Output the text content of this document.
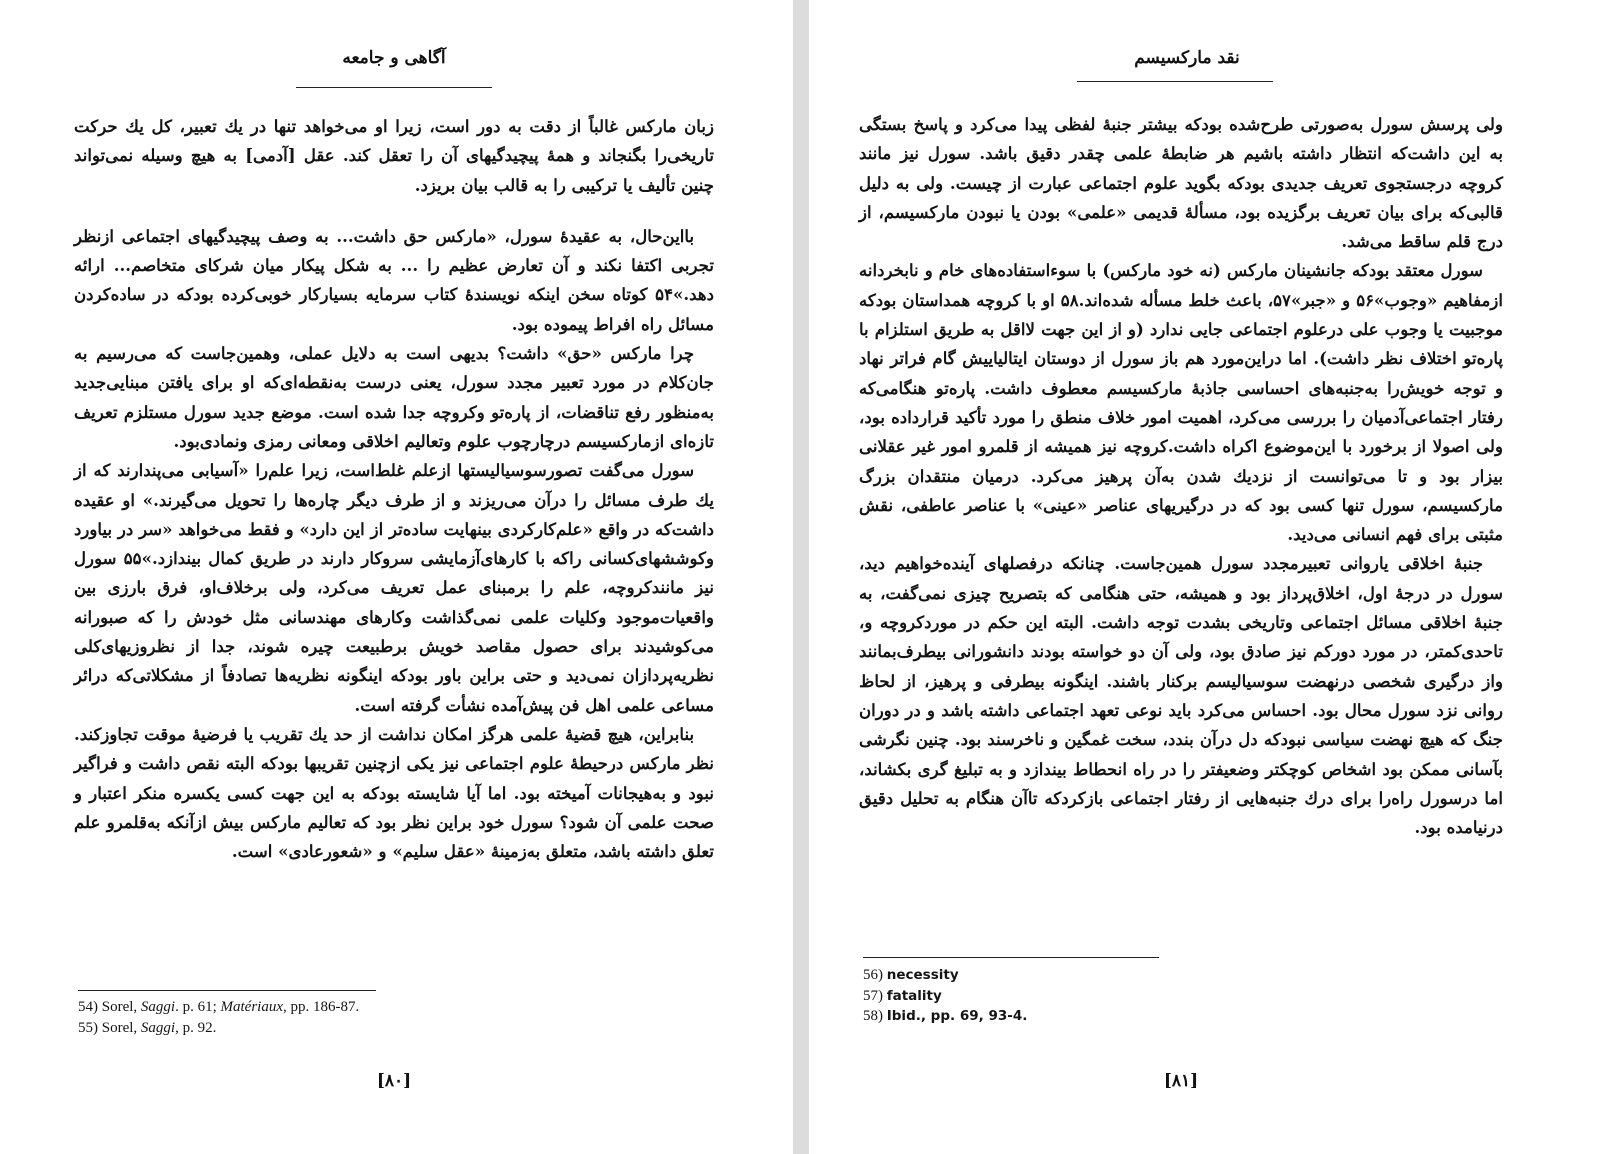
آگاهی و جامعه

زبان مارکس غالباً از دقت به دور است، زیرا او می‌خواهد تنها در یك تعبیر، کل یك حرکت تاریخی‌را بگنجاند و همهٔ پیچیدگیهای آن را تعقل کند. عقل [آدمی] به هیچ وسیله نمی‌تواند چنین تألیف یا ترکیبی را به قالب بیان بریزد.

بااین‌حال، به عقیدهٔ سورل، «مارکس حق داشت... به وصف پیچیدگیهای اجتماعی ازنظر تجربی اکتفا نکند و آن تعارض عظیم را ... به شکل پیکار میان شرکای متخاصم... ارائه دهد.»۵۴ کوتاه سخن اینکه نویسندهٔ کتاب سرمایه بسیارکار خوبی‌کرده بودکه در ساده‌کردن مسائل راه افراط پیموده بود.

چرا مارکس «حق» داشت؟ بدیهی است به دلایل عملی، وهمین‌جاست که می‌رسیم به جان‌کلام در مورد تعبیر مجدد سورل، یعنی درست به‌نقطه‌ای‌که او برای یافتن مبنایی‌جدید به‌منظور رفع تناقضات، از پاره‌تو وکروچه جدا شده است. موضع جدید سورل مستلزم تعریف تازه‌ای ازمارکسیسم درچارچوب علوم وتعالیم اخلاقی ومعانی رمزی ونمادی‌بود.

سورل می‌گفت تصورسوسیالیستها ازعلم غلط‌است، زیرا علم‌را «آسیابی می‌پندارند که از یك طرف مسائل را درآن می‌ریزند و از طرف دیگر چاره‌ها را تحویل می‌گیرند.» او عقیده داشت‌که در واقع «علم‌کارکردی بینهایت ساده‌تر از این دارد» و فقط می‌خواهد «سر در بیاورد وکوششهای‌کسانی راکه با کارهای‌آزمایشی سروکار دارند در طریق کمال بیندازد.»۵۵ سورل نیز مانندکروچه، علم را برمبنای عمل تعریف می‌کرد، ولی برخلاف‌او، فرق بارزی بین واقعیات‌موجود وکلیات علمی نمی‌گذاشت وکارهای مهندسانی مثل خودش را که صبورانه می‌کوشیدند برای حصول مقاصد خویش برطبیعت چیره شوند، جدا از نظروزیهای‌کلی نظریه‌پردازان نمی‌دید و حتی براین باور بودکه اینگونه نظریه‌ها تصادفاً از مشکلاتی‌که درائر مساعی علمی اهل فن پیش‌آمده نشأت گرفته است.

بنابراین، هیچ قضیهٔ علمی هرگز امکان نداشت از حد یك تقریب یا فرضیهٔ موقت تجاوزکند. نظر مارکس درحیطهٔ علوم اجتماعی نیز یکی ازچنین تقریبها بودکه البته نقص داشت و فراگیر نبود و به‌هیجانات آمیخته بود. اما آیا شایسته بودکه به این جهت کسی یکسره منکر اعتبار و صحت علمی آن شود؟ سورل خود براین نظر بود که تعالیم مارکس بیش ازآنکه به‌قلمرو علم تعلق داشته باشد، متعلق به‌زمینهٔ «عقل سلیم» و «شعورعادی» است.

54) Sorel, Saggi. p. 61; Matériaux, pp. 186-87.
55) Sorel, Saggi, p. 92.
[۸۰]
نقد مارکسیسم

ولی پرسش سورل به‌صورتی طرح‌شده بودکه بیشتر جنبهٔ لفظی پیدا می‌کرد و پاسخ بستگی به این داشت‌که انتظار داشته باشیم هر ضابطهٔ علمی چقدر دقیق باشد. سورل نیز مانند کروچه درجستجوی تعریف جدیدی بودکه بگوید علوم اجتماعی عبارت از چیست. ولی به دلیل قالبی‌که برای بیان تعریف برگزیده بود، مسألهٔ قدیمی «علمی» بودن یا نبودن مارکسیسم، از درج قلم ساقط می‌شد.

سورل معتقد بودکه جانشینان مارکس (نه خود مارکس) با سوءاستفاده‌های خام و نابخردانه ازمفاهیم «وجوب»۵۶ و «جبر»۵۷، باعث خلط مسأله شده‌اند.۵۸ او با کروچه همداستان بودکه موجبیت یا وجوب علی درعلوم اجتماعی جایی ندارد (و از این جهت لااقل به طریق استلزام با پاره‌تو اختلاف نظر داشت). اما دراین‌مورد هم باز سورل از دوستان ایتالیاییش گام فراتر نهاد و توجه خویش‌را به‌جنبه‌های احساسی جاذبهٔ مارکسیسم معطوف داشت. پاره‌تو هنگامی‌که رفتار اجتماعی‌آدمیان را بررسی می‌کرد، اهمیت امور خلاف منطق را مورد تأکید قرارداده بود، ولی اصولا از برخورد با این‌موضوع اکراه داشت.کروچه نیز همیشه از قلمرو امور غیر عقلانی بیزار بود و تا می‌توانست از نزدیك شدن به‌آن پرهیز می‌کرد. درمیان منتقدان بزرگ مارکسیسم، سورل تنها کسی بود که در درگیریهای عناصر «عینی» با عناصر عاطفی، نقش مثبتی برای فهم انسانی می‌دید.

جنبهٔ اخلاقی یاروانی تعبیرمجدد سورل همین‌جاست. چنانکه درفصلهای آینده‌خواهیم دید، سورل در درجهٔ اول، اخلاق‌پرداز بود و همیشه، حتی هنگامی که بتصریح چیزی نمی‌گفت، به جنبهٔ اخلاقی مسائل اجتماعی وتاریخی بشدت توجه داشت. البته این حکم در موردکروچه و، تاحدی‌کمتر، در مورد دورکم نیز صادق بود، ولی آن دو خواسته بودند دانشورانی بیطرف‌بمانند واز درگیری شخصی درنهضت سوسیالیسم برکنار باشند. اینگونه بیطرفی و پرهیز، از لحاظ روانی نزد سورل محال بود. احساس می‌کرد باید نوعی تعهد اجتماعی داشته باشد و در دوران جنگ که هیچ نهضت سیاسی نبودکه دل درآن بندد، سخت غمگین و ناخرسند بود. چنین نگرشی بآسانی ممکن بود اشخاص کوچکتر وضعیفتر را در راه انحطاط بیندازد و به تبلیغ گری بکشاند، اما درسورل راه‌را برای درك جنبه‌هایی از رفتار اجتماعی بازکردکه تاآن هنگام به تحلیل دقیق درنیامده بود.

56) necessity
57) fatality
58) Ibid., pp. 69, 93-4.
[۸۱]
